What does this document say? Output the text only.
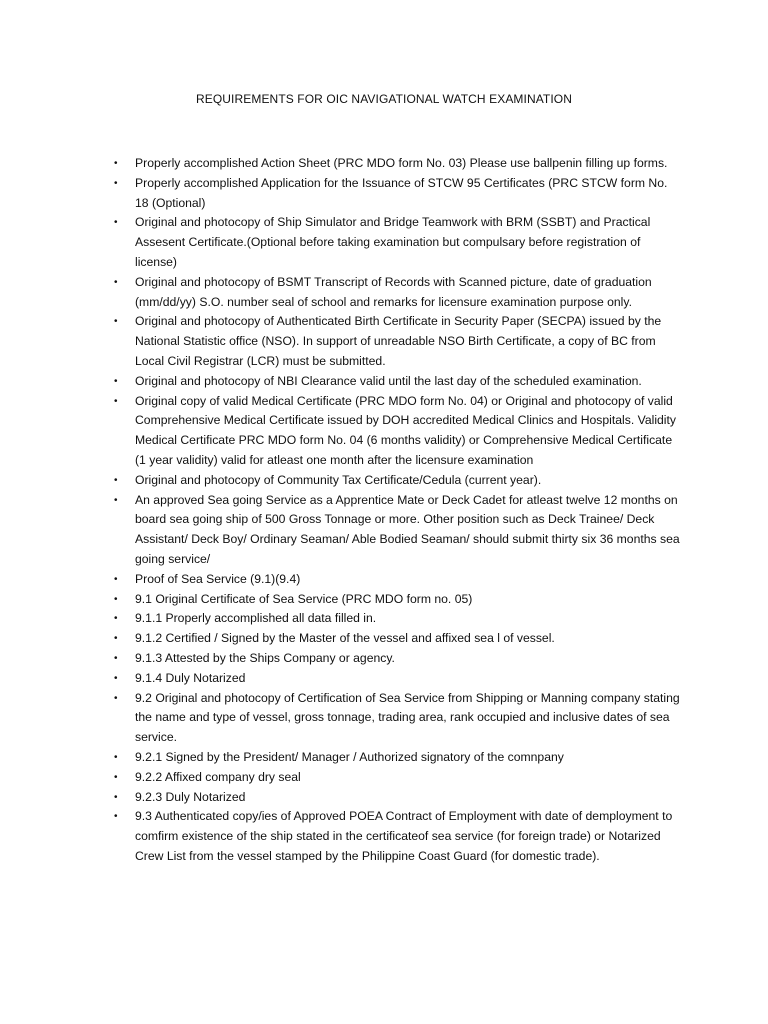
REQUIREMENTS FOR OIC NAVIGATIONAL WATCH EXAMINATION
• Properly accomplished Action Sheet (PRC MDO form No. 03) Please use ballpenin filling up forms.
• Properly accomplished Application for the Issuance of STCW 95 Certificates (PRC STCW form No. 18 (Optional)
• Original and photocopy of Ship Simulator and Bridge Teamwork with BRM (SSBT) and Practical Assesent Certificate.(Optional before taking examination but compulsary before registration of license)
• Original and photocopy of BSMT Transcript of Records with Scanned picture, date of graduation (mm/dd/yy) S.O. number seal of school and remarks for licensure examination purpose only.
• Original and photocopy of Authenticated Birth Certificate in Security Paper (SECPA) issued by the National Statistic office (NSO). In support of unreadable NSO Birth Certificate, a copy of BC from Local Civil Registrar (LCR) must be submitted.
• Original and photocopy of NBI Clearance valid until the last day of the scheduled examination.
• Original copy of valid Medical Certificate (PRC MDO form No. 04) or Original and photocopy of valid Comprehensive Medical Certificate issued by DOH accredited Medical Clinics and Hospitals. Validity Medical Certificate PRC MDO form No. 04 (6 months validity) or Comprehensive Medical Certificate (1 year validity) valid for atleast one month after the licensure examination
• Original and photocopy of Community Tax Certificate/Cedula (current year).
• An approved Sea going Service as a Apprentice Mate or Deck Cadet for atleast twelve 12 months on board sea going ship of 500 Gross Tonnage or more. Other position such as Deck Trainee/ Deck Assistant/ Deck Boy/ Ordinary Seaman/ Able Bodied Seaman/ should submit thirty six 36 months sea going service/
• Proof of Sea Service (9.1)(9.4)
• 9.1 Original Certificate of Sea Service (PRC MDO form no. 05)
• 9.1.1 Properly accomplished all data filled in.
• 9.1.2 Certified / Signed by the Master of the vessel and affixed sea l of vessel.
• 9.1.3 Attested by the Ships Company or agency.
• 9.1.4 Duly Notarized
• 9.2 Original and photocopy of Certification of Sea Service from Shipping or Manning company stating the name and type of vessel, gross tonnage, trading area, rank occupied and inclusive dates of sea service.
• 9.2.1 Signed by the President/ Manager / Authorized signatory of the comnpany
• 9.2.2 Affixed company dry seal
• 9.2.3 Duly Notarized
• 9.3 Authenticated copy/ies of Approved POEA Contract of Employment with date of demployment to comfirm existence of the ship stated in the certificateof sea service (for foreign trade) or Notarized Crew List from the vessel stamped by the Philippine Coast Guard (for domestic trade).
